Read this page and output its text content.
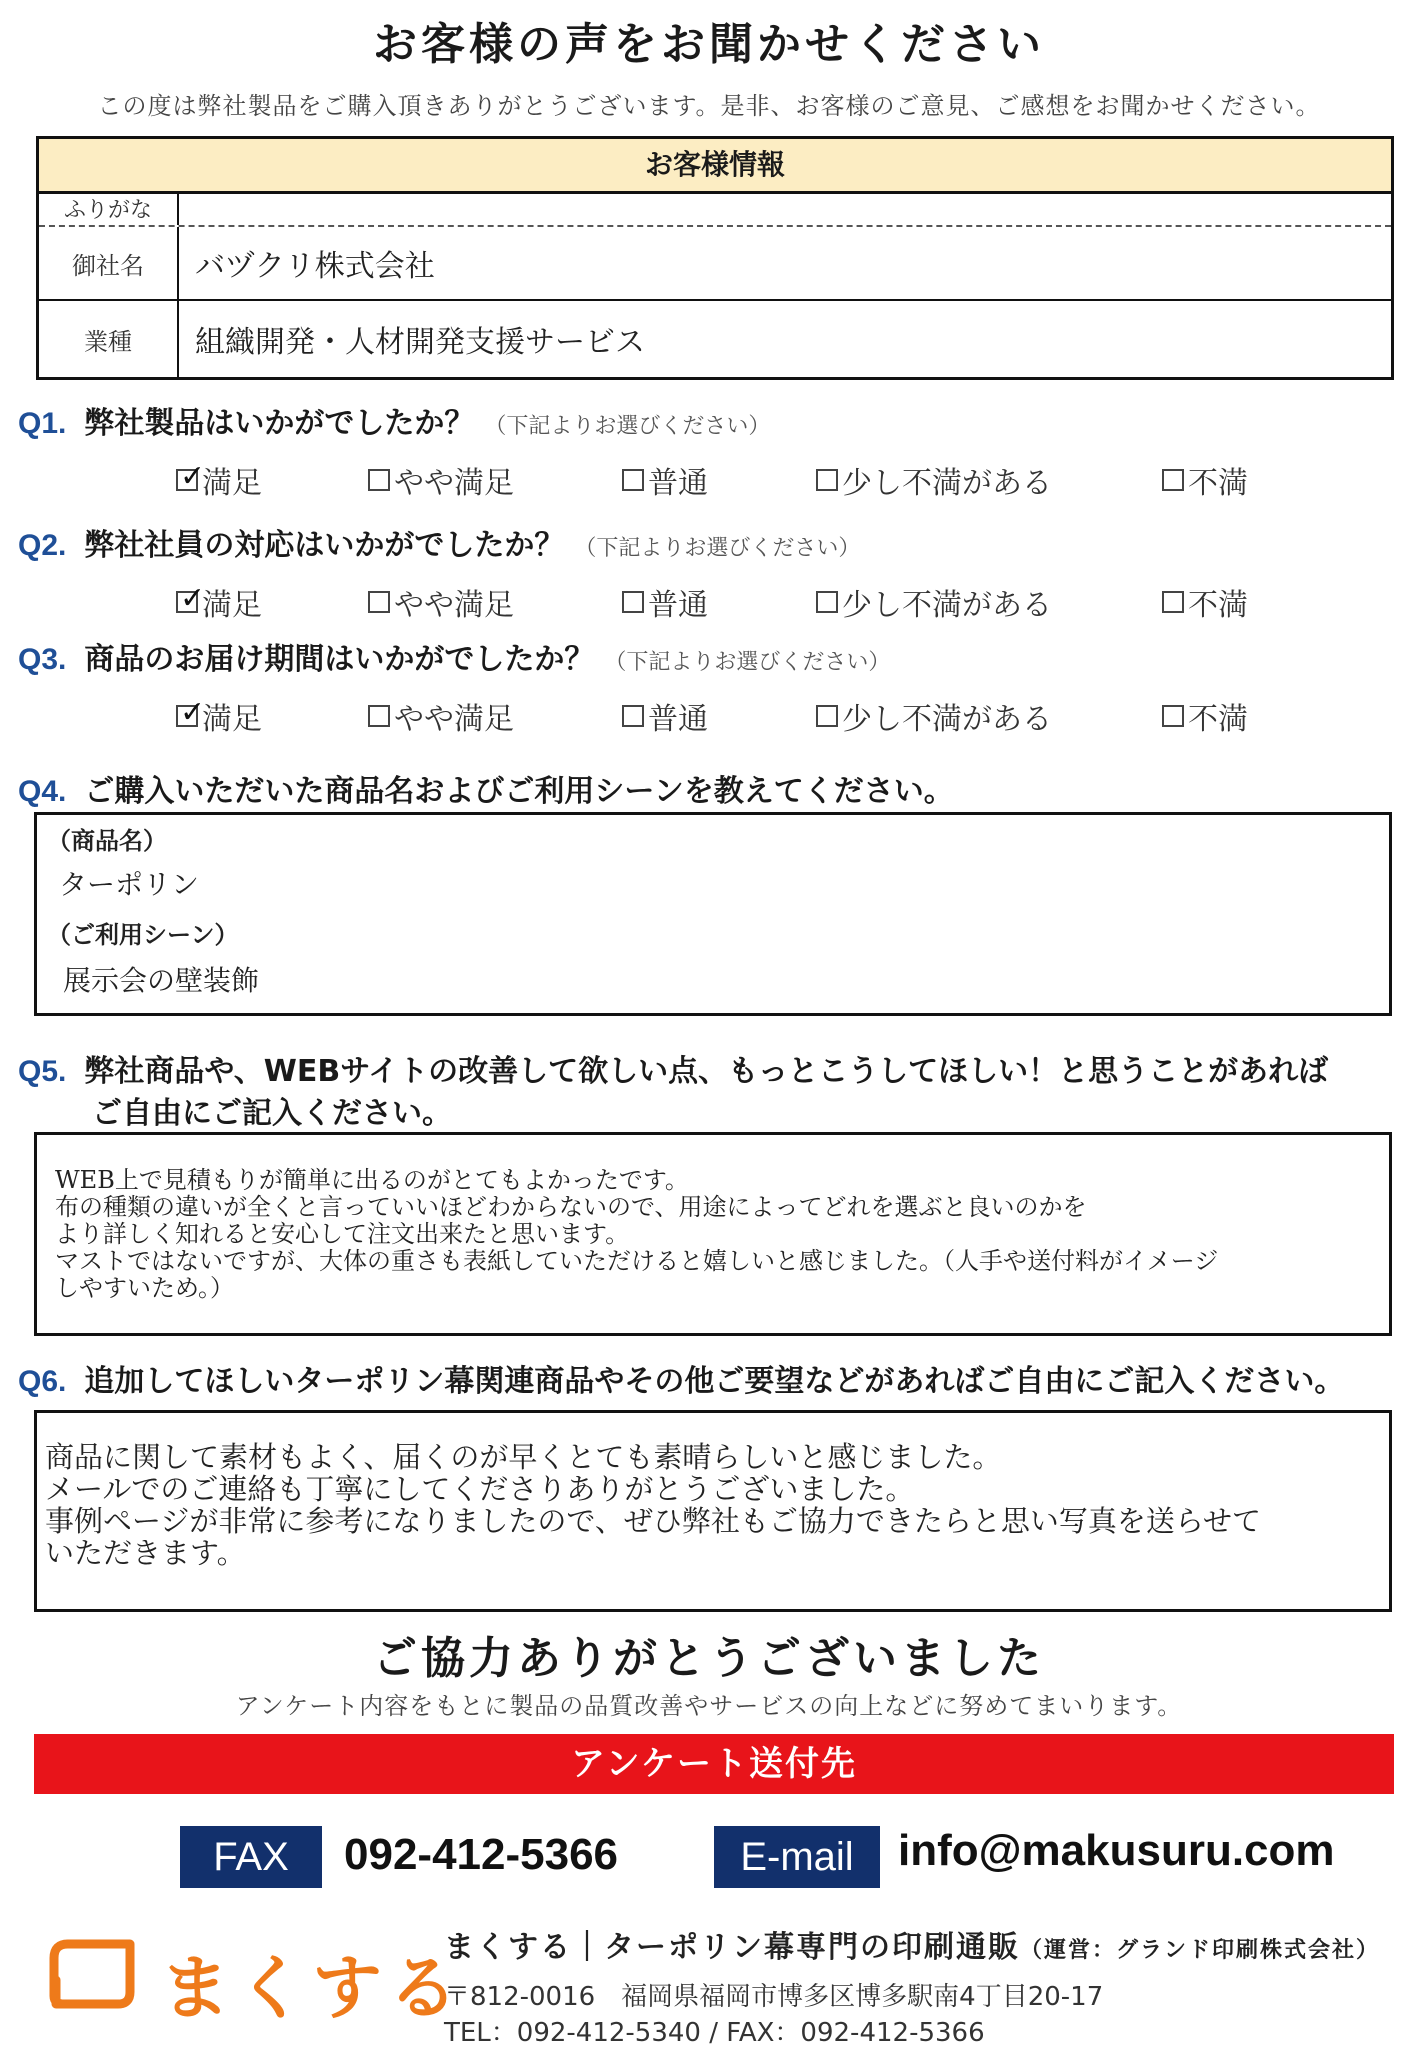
お客様の声をお聞かせください
この度は弊社製品をご購入頂きありがとうございます。是非、お客様のご意見、ご感想をお聞かせください。
お客様情報
ふりがな
御社名	バヅクリ株式会社
業種	組織開発・人材開発支援サービス
Q1. 弊社製品はいかがでしたか？ （下記よりお選びください）
✓
満足	やや満足	普通	少し不満がある	不満
Q2. 弊社社員の対応はいかがでしたか？ （下記よりお選びください）
✓
満足	やや満足	普通	少し不満がある	不満
Q3. 商品のお届け期間はいかがでしたか？ （下記よりお選びください）
✓
満足	やや満足	普通	少し不満がある	不満
Q4. ご購入いただいた商品名およびご利用シーンを教えてください。
（商品名）
ターポリン
（ご利用シーン）
展示会の壁装飾
Q5. 弊社商品や、WEBサイトの改善して欲しい点、もっとこうしてほしい！と思うことがあれば
ご自由にご記入ください。
WEB上で見積もりが簡単に出るのがとてもよかったです。
布の種類の違いが全くと言っていいほどわからないので、用途によってどれを選ぶと良いのかを
より詳しく知れると安心して注文出来たと思います。
マストではないですが、大体の重さも表紙していただけると嬉しいと感じました。（人手や送付料がイメージ
しやすいため。）
Q6. 追加してほしいターポリン幕関連商品やその他ご要望などがあればご自由にご記入ください。
商品に関して素材もよく、届くのが早くとても素晴らしいと感じました。
メールでのご連絡も丁寧にしてくださりありがとうございました。
事例ページが非常に参考になりましたので、ぜひ弊社もご協力できたらと思い写真を送らせて
いただきます。
ご協力ありがとうございました
アンケート内容をもとに製品の品質改善やサービスの向上などに努めてまいります。
アンケート送付先
FAX	092-412-5366	E-mail	info@makusuru.com
まくする
まくする｜ターポリン幕専門の印刷通販（運営：グランド印刷株式会社）
〒812-0016　福岡県福岡市博多区博多駅南4丁目20-17
TEL：092-412-5340 / FAX：092-412-5366
